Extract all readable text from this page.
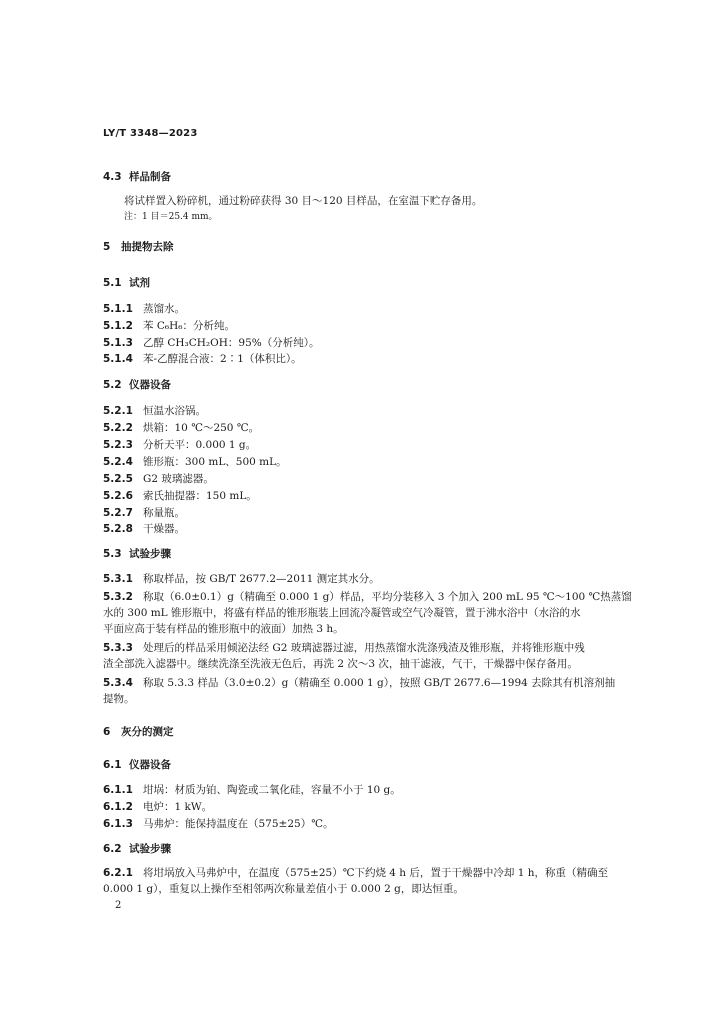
LY/T 3348—2023
4.3 样品制备
将试样置入粉碎机，通过粉碎获得 30 目～120 目样品，在室温下贮存备用。
注：1 目＝25.4 mm。
5 抽提物去除
5.1 试剂
5.1.1 蒸馏水。
5.1.2 苯 C₆H₆：分析纯。
5.1.3 乙醇 CH₃CH₂OH：95%（分析纯）。
5.1.4 苯-乙醇混合液：2∶1（体积比）。
5.2 仪器设备
5.2.1 恒温水浴锅。
5.2.2 烘箱：10 ℃～250 ℃。
5.2.3 分析天平：0.000 1 g。
5.2.4 锥形瓶：300 mL、500 mL。
5.2.5 G2 玻璃滤器。
5.2.6 索氏抽提器：150 mL。
5.2.7 称量瓶。
5.2.8 干燥器。
5.3 试验步骤
5.3.1 称取样品，按 GB/T 2677.2—2011 测定其水分。
5.3.2 称取（6.0±0.1）g（精确至 0.000 1 g）样品，平均分装移入 3 个加入 200 mL 95 ℃～100 ℃热蒸馏
水的 300 mL 锥形瓶中，将盛有样品的锥形瓶装上回流冷凝管或空气冷凝管，置于沸水浴中（水浴的水
平面应高于装有样品的锥形瓶中的液面）加热 3 h。
5.3.3 处理后的样品采用倾泌法经 G2 玻璃滤器过滤，用热蒸馏水洗涤残渣及锥形瓶，并将锥形瓶中残
渣全部洗入滤器中。继续洗涤至洗液无色后，再洗 2 次～3 次，抽干滤液，气干，干燥器中保存备用。
5.3.4 称取 5.3.3 样品（3.0±0.2）g（精确至 0.000 1 g），按照 GB/T 2677.6—1994 去除其有机溶剂抽
提物。
6 灰分的测定
6.1 仪器设备
6.1.1 坩埚：材质为铂、陶瓷或二氧化硅，容量不小于 10 g。
6.1.2 电炉：1 kW。
6.1.3 马弗炉：能保持温度在（575±25）℃。
6.2 试验步骤
6.2.1 将坩埚放入马弗炉中，在温度（575±25）℃下约烧 4 h 后，置于干燥器中冷却 1 h，称重（精确至
0.000 1 g），重复以上操作至相邻两次称量差值小于 0.000 2 g，即达恒重。
2
